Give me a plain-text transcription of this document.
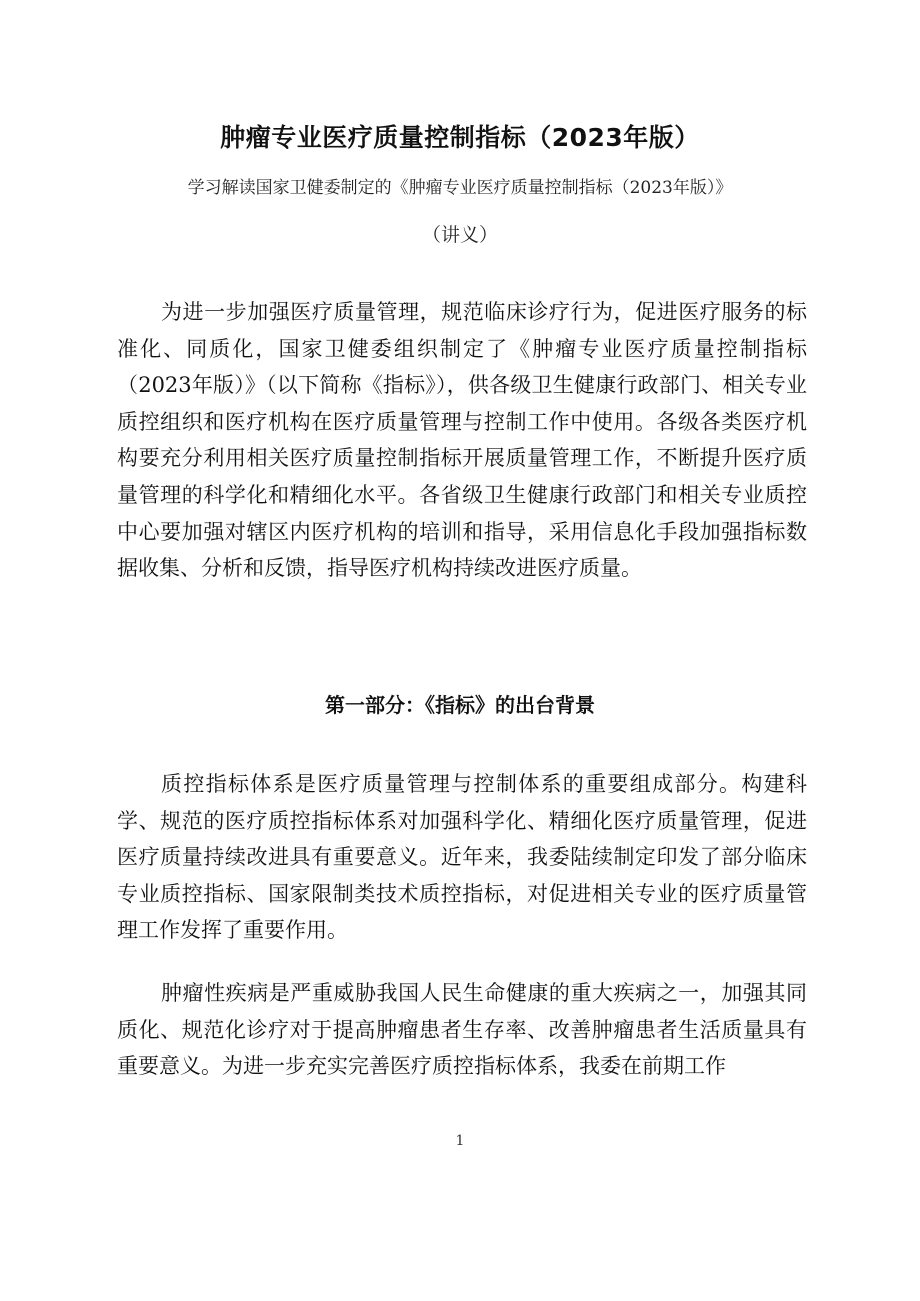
肿瘤专业医疗质量控制指标（2023年版）
学习解读国家卫健委制定的《肿瘤专业医疗质量控制指标（2023年版）》
（讲义）

为进一步加强医疗质量管理，规范临床诊疗行为，促进医疗服务的标准化、同质化，国家卫健委组织制定了《肿瘤专业医疗质量控制指标（2023年版）》（以下简称《指标》），供各级卫生健康行政部门、相关专业质控组织和医疗机构在医疗质量管理与控制工作中使用。各级各类医疗机构要充分利用相关医疗质量控制指标开展质量管理工作，不断提升医疗质量管理的科学化和精细化水平。各省级卫生健康行政部门和相关专业质控中心要加强对辖区内医疗机构的培训和指导，采用信息化手段加强指标数据收集、分析和反馈，指导医疗机构持续改进医疗质量。

第一部分：《指标》的出台背景

质控指标体系是医疗质量管理与控制体系的重要组成部分。构建科学、规范的医疗质控指标体系对加强科学化、精细化医疗质量管理，促进医疗质量持续改进具有重要意义。近年来，我委陆续制定印发了部分临床专业质控指标、国家限制类技术质控指标，对促进相关专业的医疗质量管理工作发挥了重要作用。

肿瘤性疾病是严重威胁我国人民生命健康的重大疾病之一，加强其同质化、规范化诊疗对于提高肿瘤患者生存率、改善肿瘤患者生活质量具有重要意义。为进一步充实完善医疗质控指标体系，我委在前期工作

1
